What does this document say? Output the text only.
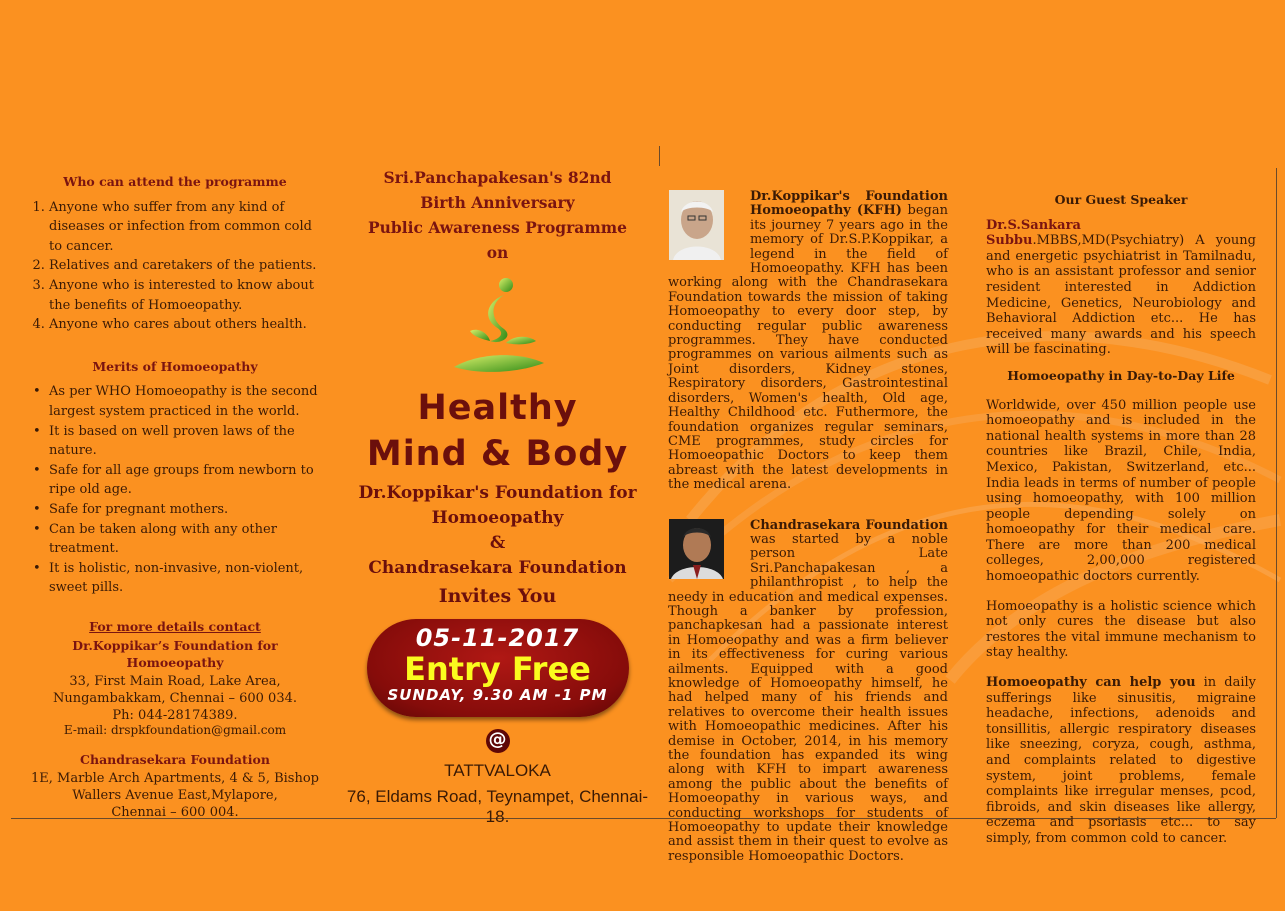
Who can attend the programme
1. Anyone who suffer from any kind of diseases or infection from common cold to cancer.
2. Relatives and caretakers of the patients.
3. Anyone who is interested to know about the benefits of Homoeopathy.
4. Anyone who cares about others health.
Merits of Homoeopathy
• As per WHO Homoeopathy is the second largest system practiced in the world.
• It is based on well proven laws of the nature.
• Safe for all age groups from newborn to ripe old age.
• Safe for pregnant mothers.
• Can be taken along with any other treatment.
• It is holistic, non-invasive, non-violent, sweet pills.
For more details contact
Dr.Koppikar’s Foundation for Homoeopathy
33, First Main Road, Lake Area,
Nungambakkam, Chennai – 600 034.
Ph: 044-28174389.
E-mail: drspkfoundation@gmail.com
Chandrasekara Foundation
1E, Marble Arch Apartments, 4 & 5, Bishop
Wallers Avenue East,Mylapore,
Chennai – 600 004.
Sri.Panchapakesan's 82nd
Birth Anniversary
Public Awareness Programme
on
Healthy
Mind & Body
Dr.Koppikar's Foundation for
Homoeopathy
&
Chandrasekara Foundation
Invites You
05-11-2017
Entry Free
SUNDAY, 9.30 AM -1 PM
@
TATTVALOKA
76, Eldams Road, Teynampet, Chennai-18.
Dr.Koppikar's Foundation Homoeopathy (KFH) began its journey 7 years ago in the memory of Dr.S.P.Koppikar, a legend in the field of Homoeopathy. KFH has been working along with the Chandrasekara Foundation towards the mission of taking Homoeopathy to every door step, by conducting regular public awareness programmes. They have conducted programmes on various ailments such as Joint disorders, Kidney stones, Respiratory disorders, Gastrointestinal disorders, Women's health, Old age, Healthy Childhood etc. Futhermore, the foundation organizes regular seminars, CME programmes, study circles for Homoeopathic Doctors to keep them abreast with the latest developments in the medical arena.
Chandrasekara Foundation was started by a noble person Late Sri.Panchapakesan , a philanthropist , to help the needy in education and medical expenses. Though a banker by profession, panchapkesan had a passionate interest in Homoeopathy and was a firm believer in its effectiveness for curing various ailments. Equipped with a good knowledge of Homoeopathy himself, he had helped many of his friends and relatives to overcome their health issues with Homoeopathic medicines. After his demise in October, 2014, in his memory the foundation has expanded its wing along with KFH to impart awareness among the public about the benefits of Homoeopathy in various ways, and conducting workshops for students of Homoeopathy to update their knowledge and assist them in their quest to evolve as responsible Homoeopathic Doctors.
Our Guest Speaker

Dr.S.Sankara Subbu.MBBS,MD(Psychiatry) A young and energetic psychiatrist in Tamilnadu, who is an assistant professor and senior resident interested in Addiction Medicine, Genetics, Neurobiology and Behavioral Addiction etc... He has received many awards and his speech will be fascinating.

Homoeopathy in Day-to-Day Life

Worldwide, over 450 million people use homoeopathy and is included in the national health systems in more than 28 countries like Brazil, Chile, India, Mexico, Pakistan, Switzerland, etc... India leads in terms of number of people using homoeopathy, with 100 million people depending solely on homoeopathy for their medical care. There are more than 200 medical colleges, 2,00,000 registered homoeopathic doctors currently.

Homoeopathy is a holistic science which not only cures the disease but also restores the vital immune mechanism to stay healthy.

Homoeopathy can help you in daily sufferings like sinusitis, migraine headache, infections, adenoids and tonsillitis, allergic respiratory diseases like sneezing, coryza, cough, asthma, and complaints related to digestive system, joint problems, female complaints like irregular menses, pcod, fibroids, and skin diseases like allergy, eczema and psoriasis etc... to say simply, from common cold to cancer.
